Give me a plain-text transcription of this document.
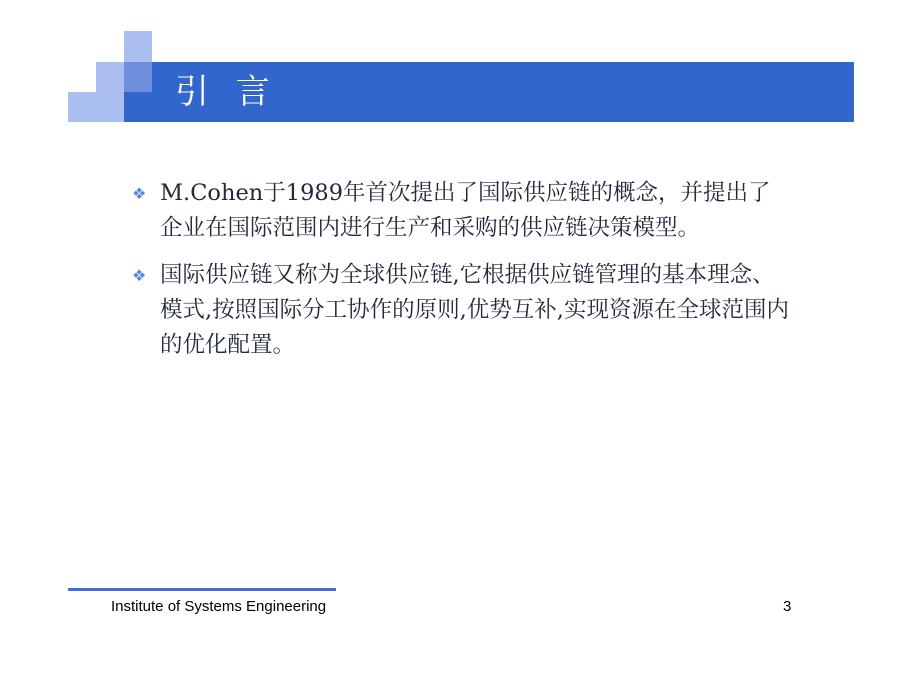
引 言
❖ M.Cohen于1989年首次提出了国际供应链的概念，并提出了企业在国际范围内进行生产和采购的供应链决策模型。
❖ 国际供应链又称为全球供应链,它根据供应链管理的基本理念、模式,按照国际分工协作的原则,优势互补,实现资源在全球范围内的优化配置。
Institute of Systems Engineering	3
